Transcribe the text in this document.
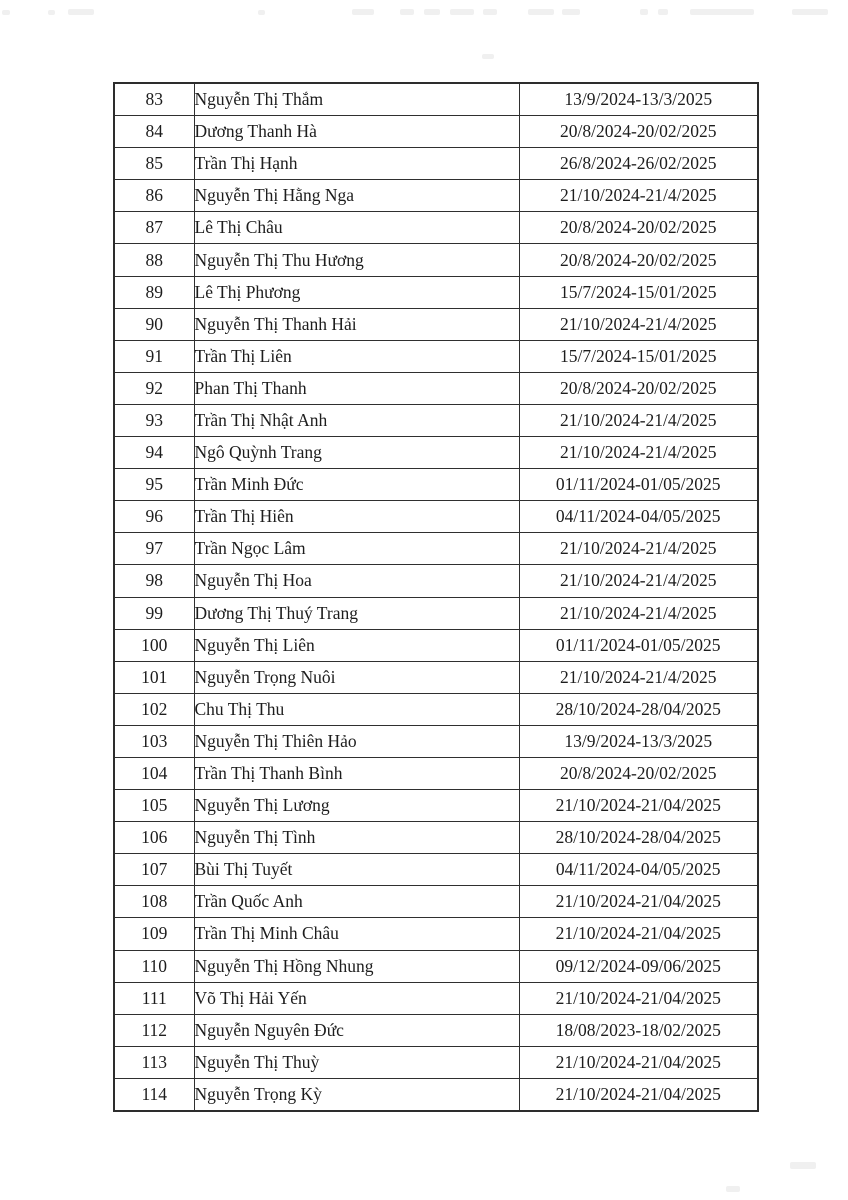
83	Nguyễn Thị Thắm	13/9/2024-13/3/2025
84	Dương Thanh Hà	20/8/2024-20/02/2025
85	Trần Thị Hạnh	26/8/2024-26/02/2025
86	Nguyễn Thị Hằng Nga	21/10/2024-21/4/2025
87	Lê Thị Châu	20/8/2024-20/02/2025
88	Nguyễn Thị Thu Hương	20/8/2024-20/02/2025
89	Lê Thị Phương	15/7/2024-15/01/2025
90	Nguyễn Thị Thanh Hải	21/10/2024-21/4/2025
91	Trần Thị Liên	15/7/2024-15/01/2025
92	Phan Thị Thanh	20/8/2024-20/02/2025
93	Trần Thị Nhật Anh	21/10/2024-21/4/2025
94	Ngô Quỳnh Trang	21/10/2024-21/4/2025
95	Trần Minh Đức	01/11/2024-01/05/2025
96	Trần Thị Hiên	04/11/2024-04/05/2025
97	Trần Ngọc Lâm	21/10/2024-21/4/2025
98	Nguyễn Thị Hoa	21/10/2024-21/4/2025
99	Dương Thị Thuý Trang	21/10/2024-21/4/2025
100	Nguyễn Thị Liên	01/11/2024-01/05/2025
101	Nguyễn Trọng Nuôi	21/10/2024-21/4/2025
102	Chu Thị Thu	28/10/2024-28/04/2025
103	Nguyễn Thị Thiên Hảo	13/9/2024-13/3/2025
104	Trần Thị Thanh Bình	20/8/2024-20/02/2025
105	Nguyễn Thị Lương	21/10/2024-21/04/2025
106	Nguyễn Thị Tình	28/10/2024-28/04/2025
107	Bùi Thị Tuyết	04/11/2024-04/05/2025
108	Trần Quốc Anh	21/10/2024-21/04/2025
109	Trần Thị Minh Châu	21/10/2024-21/04/2025
110	Nguyễn Thị Hồng Nhung	09/12/2024-09/06/2025
111	Võ Thị Hải Yến	21/10/2024-21/04/2025
112	Nguyễn Nguyên Đức	18/08/2023-18/02/2025
113	Nguyễn Thị Thuỳ	21/10/2024-21/04/2025
114	Nguyễn Trọng Kỳ	21/10/2024-21/04/2025
